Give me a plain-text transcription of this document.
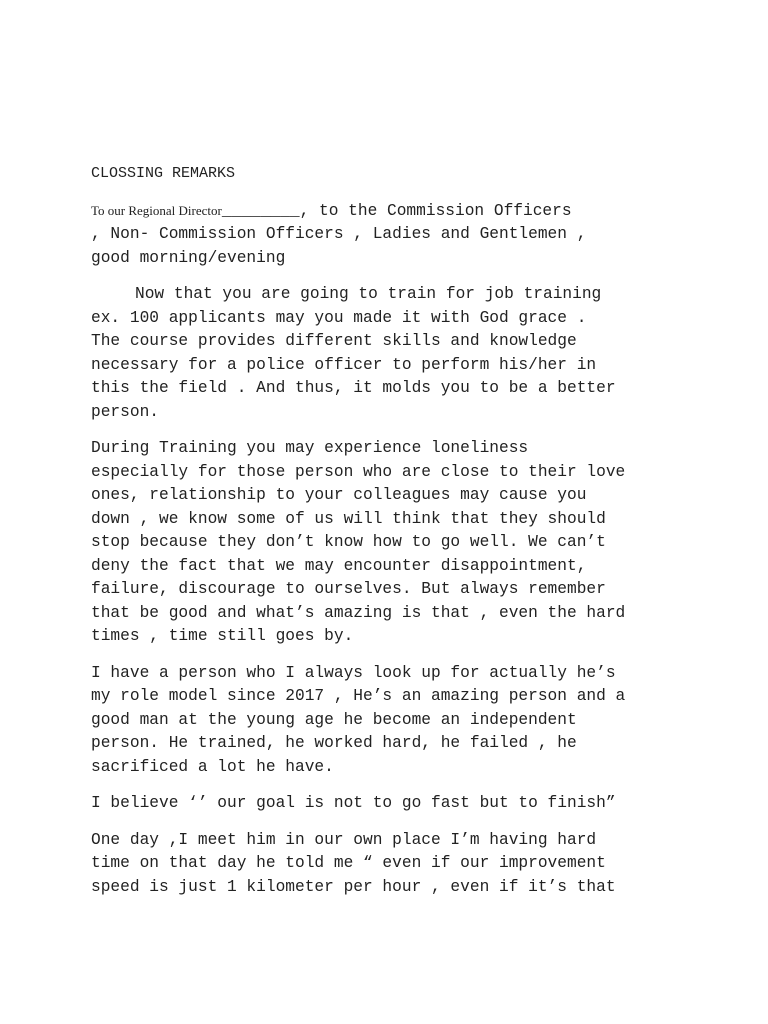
CLOSSING REMARKS
To our Regional Director________, to the Commission Officers
, Non- Commission Officers , Ladies and Gentlemen ,
good morning/evening
Now that you are going to train for job training
ex. 100 applicants may you made it with God grace .
The course provides different skills and knowledge
necessary for a police officer to perform his/her in
this the field . And thus, it molds you to be a better
person.
During Training you may experience loneliness
especially for those person who are close to their love
ones, relationship to your colleagues may cause you
down , we know some of us will think that they should
stop because they don’t know how to go well. We can’t
deny the fact that we may encounter disappointment,
failure, discourage to ourselves. But always remember
that be good and what’s amazing is that , even the hard
times , time still goes by.
I have a person who I always look up for actually he’s
my role model since 2017 , He’s an amazing person and a
good man at the young age he become an independent
person. He trained, he worked hard, he failed , he
sacrificed a lot he have.
I believe ‘’ our goal is not to go fast but to finish”
One day ,I meet him in our own place I’m having hard
time on that day he told me “ even if our improvement
speed is just 1 kilometer per hour , even if it’s that
